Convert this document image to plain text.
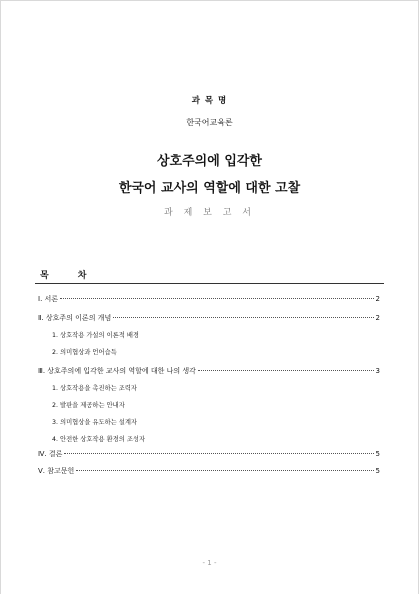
과 목 명
한국어교육론
상호주의에 입각한
한국어 교사의 역할에 대한 고찰
과 제 보 고 서
목	차
Ⅰ. 서론	2
Ⅱ. 상호주의 이론의 개념	2
1. 상호작용 가설의 이론적 배경
2. 의미협상과 언어습득
Ⅲ. 상호주의에 입각한 교사의 역할에 대한 나의 생각	3
1. 상호작용을 촉진하는 조력자
2. 발판을 제공하는 안내자
3. 의미협상을 유도하는 설계자
4. 안전한 상호작용 환경의 조성자
Ⅳ. 결론	5
Ⅴ. 참고문헌	5
- 1 -
